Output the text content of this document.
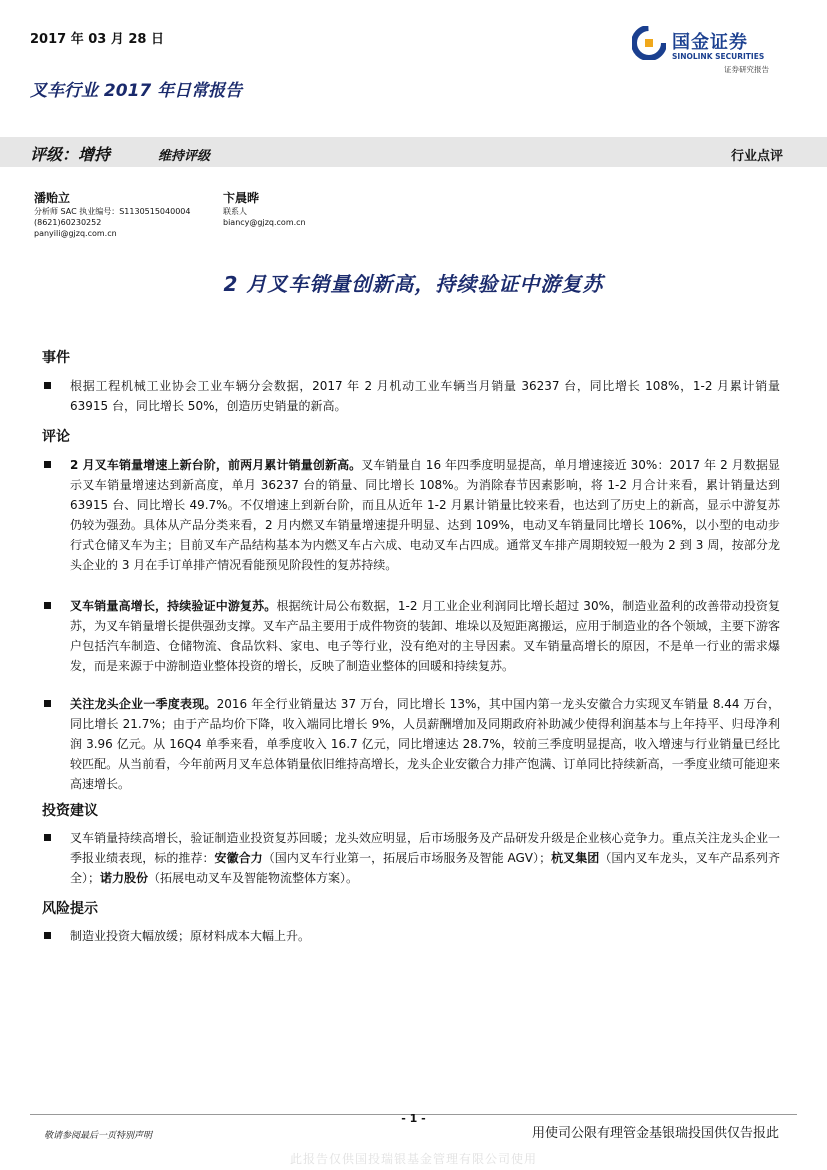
2017 年 03 月 28 日
叉车行业 2017 年日常报告
国金证券
SINOLINK SECURITIES
证券研究报告
评级：增持	维持评级	行业点评
潘贻立
分析师 SAC 执业编号：S1130515040004
(8621)60230252
panyili@gjzq.com.cn
卞晨晔
联系人
biancy@gjzq.com.cn
2 月叉车销量创新高，持续验证中游复苏
事件
根据工程机械工业协会工业车辆分会数据，2017 年 2 月机动工业车辆当月销量 36237 台，同比增长 108%，1-2 月累计销量 63915 台，同比增长 50%，创造历史销量的新高。
评论
2 月叉车销量增速上新台阶，前两月累计销量创新高。叉车销量自 16 年四季度明显提高，单月增速接近 30%：2017 年 2 月数据显示叉车销量增速达到新高度，单月 36237 台的销量、同比增长 108%。为消除春节因素影响，将 1-2 月合计来看，累计销量达到 63915 台、同比增长 49.7%。不仅增速上到新台阶，而且从近年 1-2 月累计销量比较来看，也达到了历史上的新高，显示中游复苏仍较为强劲。具体从产品分类来看，2 月内燃叉车销量增速提升明显、达到 109%，电动叉车销量同比增长 106%，以小型的电动步行式仓储叉车为主；目前叉车产品结构基本为内燃叉车占六成、电动叉车占四成。通常叉车排产周期较短一般为 2 到 3 周，按部分龙头企业的 3 月在手订单排产情况看能预见阶段性的复苏持续。
叉车销量高增长，持续验证中游复苏。根据统计局公布数据，1-2 月工业企业利润同比增长超过 30%，制造业盈利的改善带动投资复苏，为叉车销量增长提供强劲支撑。叉车产品主要用于成件物资的装卸、堆垛以及短距离搬运，应用于制造业的各个领域，主要下游客户包括汽车制造、仓储物流、食品饮料、家电、电子等行业，没有绝对的主导因素。叉车销量高增长的原因，不是单一行业的需求爆发，而是来源于中游制造业整体投资的增长，反映了制造业整体的回暖和持续复苏。
关注龙头企业一季度表现。2016 年全行业销量达 37 万台，同比增长 13%，其中国内第一龙头安徽合力实现叉车销量 8.44 万台，同比增长 21.7%；由于产品均价下降，收入端同比增长 9%，人员薪酬增加及同期政府补助减少使得利润基本与上年持平、归母净利润 3.96 亿元。从 16Q4 单季来看，单季度收入 16.7 亿元，同比增速达 28.7%，较前三季度明显提高，收入增速与行业销量已经比较匹配。从当前看，今年前两月叉车总体销量依旧维持高增长，龙头企业安徽合力排产饱满、订单同比持续新高，一季度业绩可能迎来高速增长。
投资建议
叉车销量持续高增长，验证制造业投资复苏回暖；龙头效应明显，后市场服务及产品研发升级是企业核心竞争力。重点关注龙头企业一季报业绩表现，标的推荐：安徽合力（国内叉车行业第一，拓展后市场服务及智能 AGV）；杭叉集团（国内叉车龙头，叉车产品系列齐全）；诺力股份（拓展电动叉车及智能物流整体方案）。
风险提示
制造业投资大幅放缓；原材料成本大幅上升。
- 1 -
敬请参阅最后一页特别声明	用使司公限有理管金基银瑞投国供仅告报此
此报告仅供国投瑞银基金管理有限公司使用
